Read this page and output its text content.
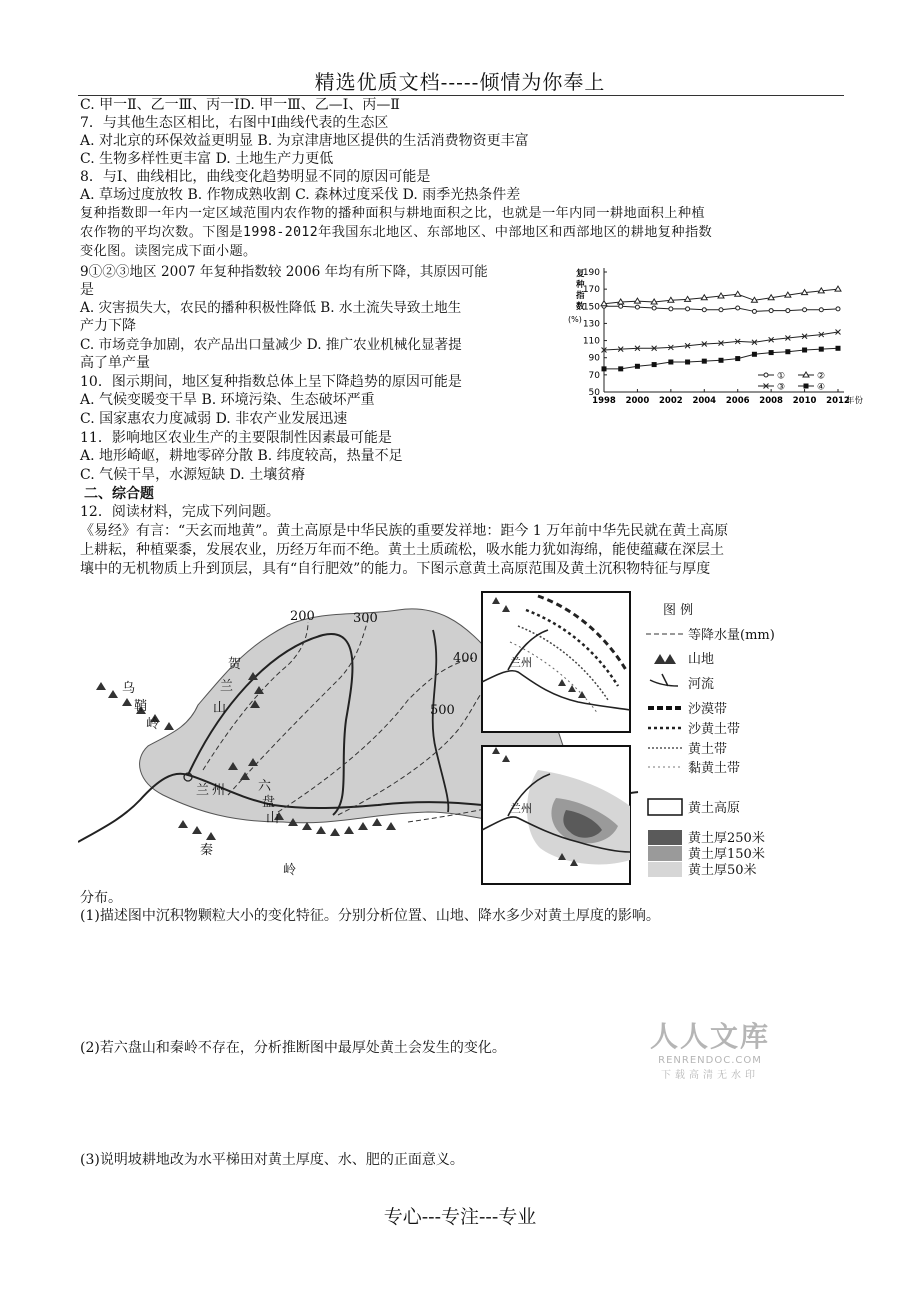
精选优质文档-----倾情为你奉上
C. 甲一Ⅱ、乙一Ⅲ、丙一ⅠD. 甲一Ⅲ、乙—Ⅰ、丙—Ⅱ
7．与其他生态区相比，右图中Ⅰ曲线代表的生态区
A. 对北京的环保效益更明显 B. 为京津唐地区提供的生活消费物资更丰富
C. 生物多样性更丰富 D. 土地生产力更低
8．与Ⅰ、曲线相比，曲线变化趋势明显不同的原因可能是
A. 草场过度放牧 B. 作物成熟收割 C. 森林过度采伐 D. 雨季光热条件差
复种指数即一年内一定区域范围内农作物的播种面积与耕地面积之比，也就是一年内同一耕地面积上种植
农作物的平均次数。下图是1998-2012年我国东北地区、东部地区、中部地区和西部地区的耕地复种指数
变化图。读图完成下面小题。
9①②③地区 2007 年复种指数较 2006 年均有所下降，其原因可能
是
A. 灾害损失大，农民的播种积极性降低 B. 水土流失导致土地生
产力下降
C. 市场竞争加剧，农产品出口量减少 D. 推广农业机械化显著提
高了单产量
10．图示期间，地区复种指数总体上呈下降趋势的原因可能是
A. 气候变暖变干旱 B. 环境污染、生态破坏严重
C. 国家惠农力度减弱 D. 非农产业发展迅速
11．影响地区农业生产的主要限制性因素最可能是
A. 地形崎岖，耕地零碎分散 B. 纬度较高，热量不足
C. 气候干旱，水源短缺 D. 土壤贫瘠
二、综合题
12．阅读材料，完成下列问题。
《易经》有言：“天玄而地黄”。黄土高原是中华民族的重要发祥地：距今 1 万年前中华先民就在黄土高原
上耕耘，种植粟黍，发展农业，历经万年而不绝。黄土土质疏松，吸水能力犹如海绵，能使蕴藏在深层土
壤中的无机物质上升到顶层，具有“自行肥效”的能力。下图示意黄土高原范围及黄土沉积物特征与厚度
190
170
150
130
110
90
70
50
1998 2000 2002 2004 2006 2008 2010 2012
年份
复
种
指
数
(%)
①	②
③	④
200	300
400
500
乌
鞘
岭
贺
兰
山
兰 州	六
盘
山
秦
岭
兰州
兰州
图 例
等降水量(mm)
山地
河流
沙漠带
沙黄土带
黄土带
黏黄土带
黄土高原
黄土厚250米
黄土厚150米
黄土厚50米
分布。
(1)描述图中沉积物颗粒大小的变化特征。分别分析位置、山地、降水多少对黄土厚度的影响。
(2)若六盘山和秦岭不存在，分析推断图中最厚处黄土会发生的变化。
(3)说明坡耕地改为水平梯田对黄土厚度、水、肥的正面意义。
人人文库
RENRENDOC.COM
下载高清无水印
专心---专注---专业
